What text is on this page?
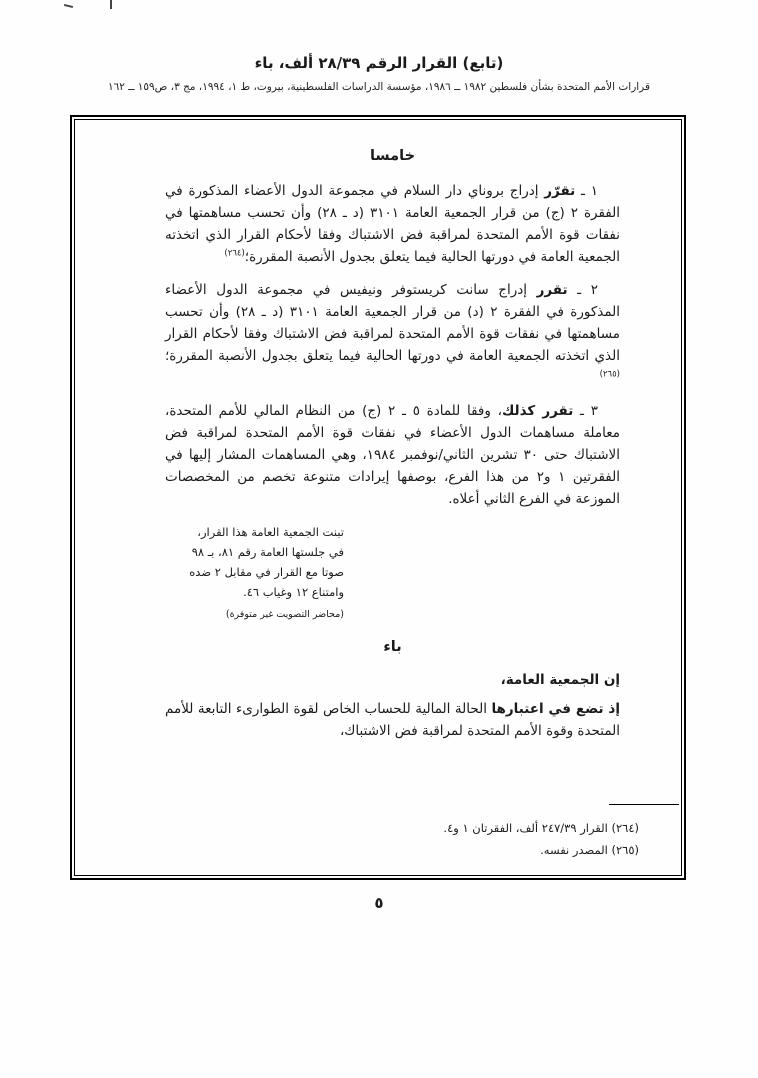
(تابع) القرار الرقم ٢٨/٣٩ ألف، باء
قرارات الأمم المتحدة بشأن فلسطين ١٩٨٢ ــ ١٩٨٦، مؤسسة الدراسات الفلسطينية، بيروت، ط ١، ١٩٩٤، مج ٣، ص١٥٩ ــ ١٦٢
خامسا

١ ـ تقرّر إدراج بروناي دار السلام في مجموعة الدول الأعضاء المذكورة في الفقرة ٢ (ج) من قرار الجمعية العامة ٣١٠١ (د ـ ٢٨) وأن تحسب مساهمتها في نفقات قوة الأمم المتحدة لمراقبة فض الاشتباك وفقا لأحكام القرار الذي اتخذته الجمعية العامة في دورتها الحالية فيما يتعلق بجدول الأنصبة المقررة؛$^{(٢٦٤)}$

٢ ـ تقرر إدراج سانت كريستوفر ونيفيس في مجموعة الدول الأعضاء المذكورة في الفقرة ٢ (د) من قرار الجمعية العامة ٣١٠١ (د ـ ٢٨) وأن تحسب مساهمتها في نفقات قوة الأمم المتحدة لمراقبة فض الاشتباك وفقا لأحكام القرار الذي اتخذته الجمعية العامة في دورتها الحالية فيما يتعلق بجدول الأنصبة المقررة؛$^{(٢٦٥)}$

٣ ـ تقرر كذلك، وفقا للمادة ٥ ـ ٢ (ج) من النظام المالي للأمم المتحدة، معاملة مساهمات الدول الأعضاء في نفقات قوة الأمم المتحدة لمراقبة فض الاشتباك حتى ٣٠ تشرين الثاني/نوفمبر ١٩٨٤، وهي المساهمات المشار إليها في الفقرتين ١ و٢ من هذا الفرع، بوصفها إيرادات متنوعة تخصم من المخصصات الموزعة في الفرع الثاني أعلاه.

تبنت الجمعية العامة هذا القرار،
في جلستها العامة رقم ٨١، بـ ٩٨
صوتا مع القرار في مقابل ٢ ضده
وامتناع ١٢ وغياب ٤٦.
(محاضر التصويت غير متوفرة)
باء

إن الجمعية العامة،

إذ تضع في اعتبارها الحالة المالية للحساب الخاص لقوة الطوارىء التابعة للأمم المتحدة وقوة الأمم المتحدة لمراقبة فض الاشتباك،

(٢٦٤) القرار ٢٤٧/٣٩ ألف، الفقرتان ١ و٤.
(٢٦٥) المصدر نفسه.
٥
